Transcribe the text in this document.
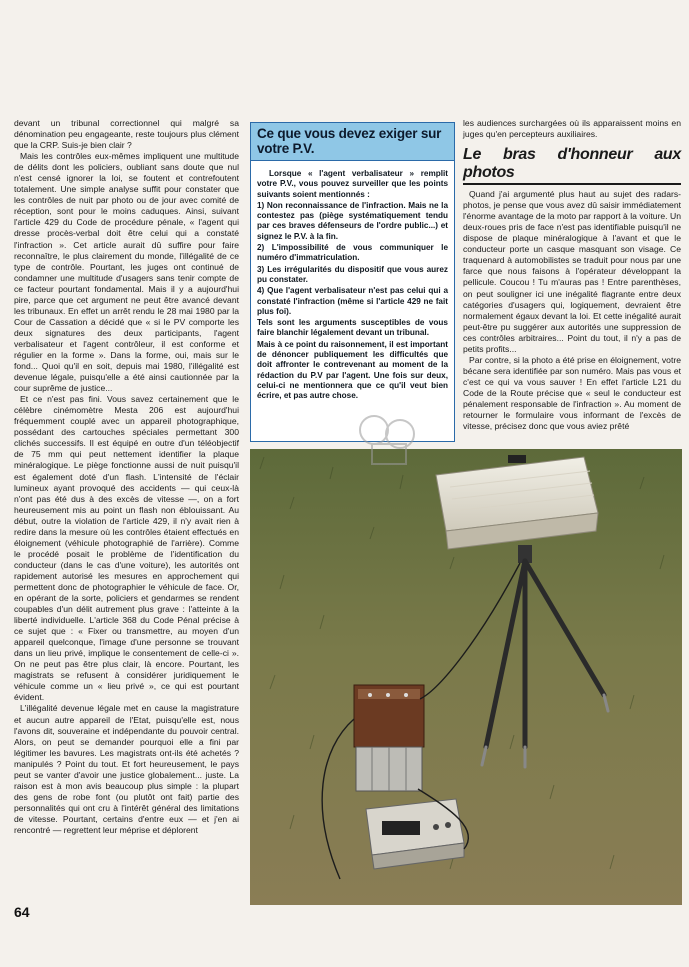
devant un tribunal correctionnel qui malgré sa dénomination peu engageante, reste toujours plus clément que la CRP. Suis-je bien clair ?

Mais les contrôles eux-mêmes impliquent une multitude de délits dont les policiers, oubliant sans doute que nul n'est censé ignorer la loi, se foutent et contrefoutent totalement. Une simple analyse suffit pour constater que les contrôles de nuit par photo ou de jour avec comité de réception, sont pour le moins caduques. Ainsi, suivant l'article 429 du Code de procédure pénale, « l'agent qui dresse procès-verbal doit être celui qui a constaté l'infraction ». Cet article aurait dû suffire pour faire reconnaître, le plus clairement du monde, l'illégalité de ce type de contrôle. Pourtant, les juges ont continué de condamner une multitude d'usagers sans tenir compte de ce facteur pourtant fondamental. Mais il y a aujourd'hui pire, parce que cet argument ne peut être avancé devant les tribunaux. En effet un arrêt rendu le 28 mai 1980 par la Cour de Cassation a décidé que « si le PV comporte les deux signatures des deux participants, l'agent verbalisateur et l'agent contrôleur, il est conforme et régulier en la forme ». Dans la forme, oui, mais sur le fond... Quoi qu'il en soit, depuis mai 1980, l'illégalité est devenue légale, puisqu'elle a été ainsi cautionnée par la cour suprême de justice...

Et ce n'est pas fini. Vous savez certainement que le célèbre cinémomètre Mesta 206 est aujourd'hui fréquemment couplé avec un appareil photographique, possédant des cartouches spéciales permettant 300 clichés successifs. Il est équipé en outre d'un téléobjectif de 75 mm qui peut nettement identifier la plaque minéralogique. Le piège fonctionne aussi de nuit puisqu'il est également doté d'un flash. L'intensité de l'éclair lumineux ayant provoqué des accidents — qui ceux-là n'ont pas été dus à des excès de vitesse —, on a fort heureusement mis au point un flash non éblouissant. Au début, outre la violation de l'article 429, il n'y avait rien à redire dans la mesure où les contrôles étaient effectués en éloignement (véhicule photographié de l'arrière). Comme le procédé posait le problème de l'identification du conducteur (dans le cas d'une voiture), les autorités ont rapidement autorisé les mesures en approchement qui permettent donc de photographier le véhicule de face. Or, en opérant de la sorte, policiers et gendarmes se rendent coupables d'un délit autrement plus grave : l'atteinte à la liberté individuelle. L'article 368 du Code Pénal précise à ce sujet que : « Fixer ou transmettre, au moyen d'un appareil quelconque, l'image d'une personne se trouvant dans un lieu privé, implique le consentement de celle-ci ». On ne peut pas être plus clair, là encore. Pourtant, les magistrats se refusent à considérer juridiquement le véhicule comme un « lieu privé », ce qui est pourtant évident.

L'illégalité devenue légale met en cause la magistrature et aucun autre appareil de l'Etat, puisqu'elle est, nous l'avons dit, souveraine et indépendante du pouvoir central. Alors, on peut se demander pourquoi elle a fini par légitimer les bavures. Les magistrats ont-ils été achetés ? manipulés ? Point du tout. Et fort heureusement, le pays peut se vanter d'avoir une justice globalement... juste. La raison est à mon avis beaucoup plus simple : la plupart des gens de robe font (ou plutôt ont fait) partie des personnalités qui ont cru à l'intérêt général des limitations de vitesse. Pourtant, certains d'entre eux — et j'en ai rencontré — regrettent leur méprise et déplorent

Ce que vous devez exiger sur votre P.V.

Lorsque « l'agent verbalisateur » remplit votre P.V., vous pouvez surveiller que les points suivants soient mentionnés :

1) Non reconnaissance de l'infraction. Mais ne la contestez pas (piège systématiquement tendu par ces braves défenseurs de l'ordre public...) et signez le P.V. à la fin.

2) L'impossibilité de vous communiquer le numéro d'immatriculation.

3) Les irrégularités du dispositif que vous aurez pu constater.

4) Que l'agent verbalisateur n'est pas celui qui a constaté l'infraction (même si l'article 429 ne fait plus foi).

Tels sont les arguments susceptibles de vous faire blanchir légalement devant un tribunal.

Mais à ce point du raisonnement, il est important de dénoncer publiquement les difficultés que doit affronter le contrevenant au moment de la rédaction du P.V par l'agent. Une fois sur deux, celui-ci ne mentionnera que ce qu'il veut bien écrire, et pas autre chose.

les audiences surchargées où ils apparaissent moins en juges qu'en percepteurs auxiliaires.

Le bras d'honneur aux photos

Quand j'ai argumenté plus haut au sujet des radars-photos, je pense que vous avez dû saisir immédiatement l'énorme avantage de la moto par rapport à la voiture. Un deux-roues pris de face n'est pas identifiable puisqu'il ne dispose de plaque minéralogique à l'avant et que le conducteur porte un casque masquant son visage. Ce traquenard à automobilistes se traduit pour nous par une farce que nous faisons à l'opérateur développant la pellicule. Coucou ! Tu m'auras pas ! Entre parenthèses, on peut souligner ici une inégalité flagrante entre deux catégories d'usagers qui, logiquement, devraient être normalement égaux devant la loi. Et cette inégalité aurait peut-être pu suggérer aux autorités une suppression de ces contrôles arbitraires... Point du tout, il n'y a pas de petits profits...

Par contre, si la photo a été prise en éloignement, votre bécane sera identifiée par son numéro. Mais pas vous et c'est ce qui va vous sauver ! En effet l'article L21 du Code de la Route précise que « seul le conducteur est pénalement responsable de l'infraction ». Au moment de retourner le formulaire vous informant de l'excès de vitesse, précisez donc que vous aviez prêté

64
